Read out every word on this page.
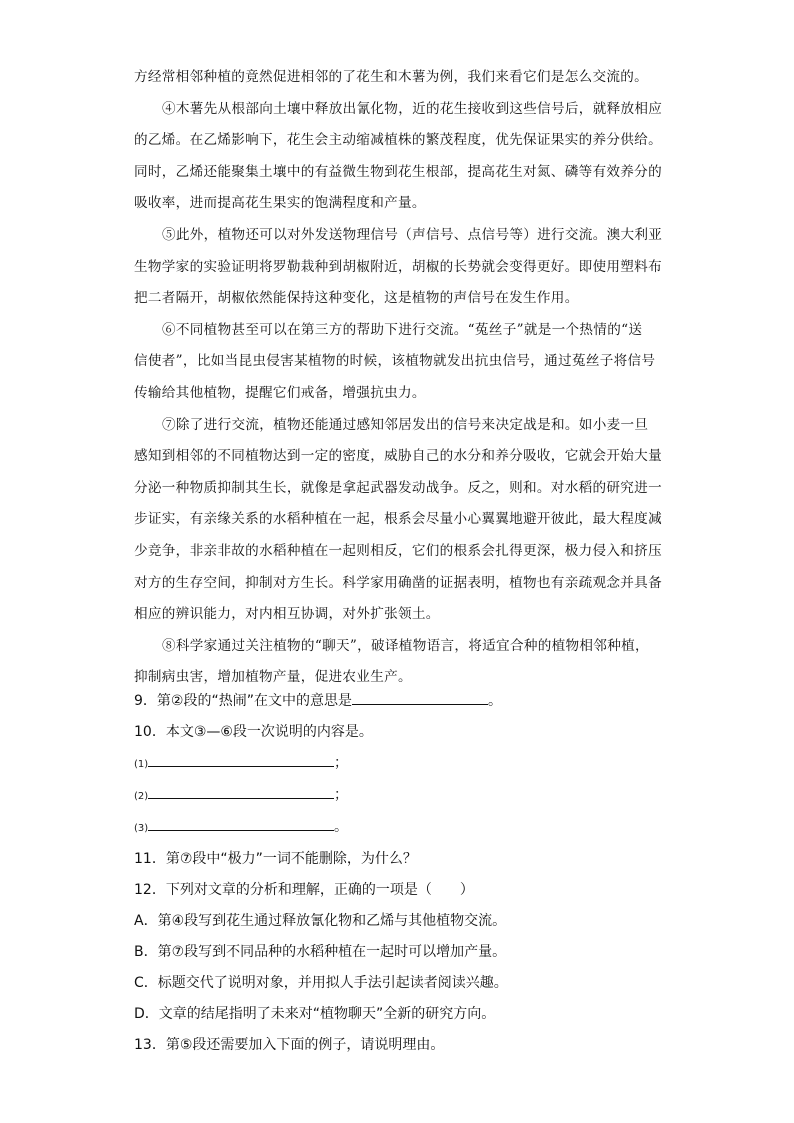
方经常相邻种植的竟然促进相邻的了花生和木薯为例，我们来看它们是怎么交流的。
④木薯先从根部向土壤中释放出氰化物，近的花生接收到这些信号后，就释放相应
的乙烯。在乙烯影响下，花生会主动缩减植株的繁茂程度，优先保证果实的养分供给。
同时，乙烯还能聚集土壤中的有益微生物到花生根部，提高花生对氮、磷等有效养分的
吸收率，进而提高花生果实的饱满程度和产量。
⑤此外，植物还可以对外发送物理信号（声信号、点信号等）进行交流。澳大利亚
生物学家的实验证明将罗勒栽种到胡椒附近，胡椒的长势就会变得更好。即使用塑料布
把二者隔开，胡椒依然能保持这种变化，这是植物的声信号在发生作用。
⑥不同植物甚至可以在第三方的帮助下进行交流。“菟丝子”就是一个热情的“送
信使者”，比如当昆虫侵害某植物的时候，该植物就发出抗虫信号，通过菟丝子将信号
传输给其他植物，提醒它们戒备，增强抗虫力。
⑦除了进行交流，植物还能通过感知邻居发出的信号来决定战是和。如小麦一旦
感知到相邻的不同植物达到一定的密度，威胁自己的水分和养分吸收，它就会开始大量
分泌一种物质抑制其生长，就像是拿起武器发动战争。反之，则和。对水稻的研究进一
步证实，有亲缘关系的水稻种植在一起，根系会尽量小心翼翼地避开彼此，最大程度减
少竞争，非亲非故的水稻种植在一起则相反，它们的根系会扎得更深，极力侵入和挤压
对方的生存空间，抑制对方生长。科学家用确凿的证据表明，植物也有亲疏观念并具备
相应的辨识能力，对内相互协调，对外扩张领土。
⑧科学家通过关注植物的“聊天”，破译植物语言，将适宜合种的植物相邻种植，
抑制病虫害，增加植物产量，促进农业生产。
9．第②段的“热闹”在文中的意思是	。
10．本文③—⑥段一次说明的内容是。
(1)	；
(2)	；
(3)	。
11．第⑦段中“极力”一词不能删除，为什么？
12．下列对文章的分析和理解，正确的一项是（　　）
A．第④段写到花生通过释放氰化物和乙烯与其他植物交流。
B．第⑦段写到不同品种的水稻种植在一起时可以增加产量。
C．标题交代了说明对象，并用拟人手法引起读者阅读兴趣。
D．文章的结尾指明了未来对“植物聊天”全新的研究方向。
13．第⑤段还需要加入下面的例子，请说明理由。
